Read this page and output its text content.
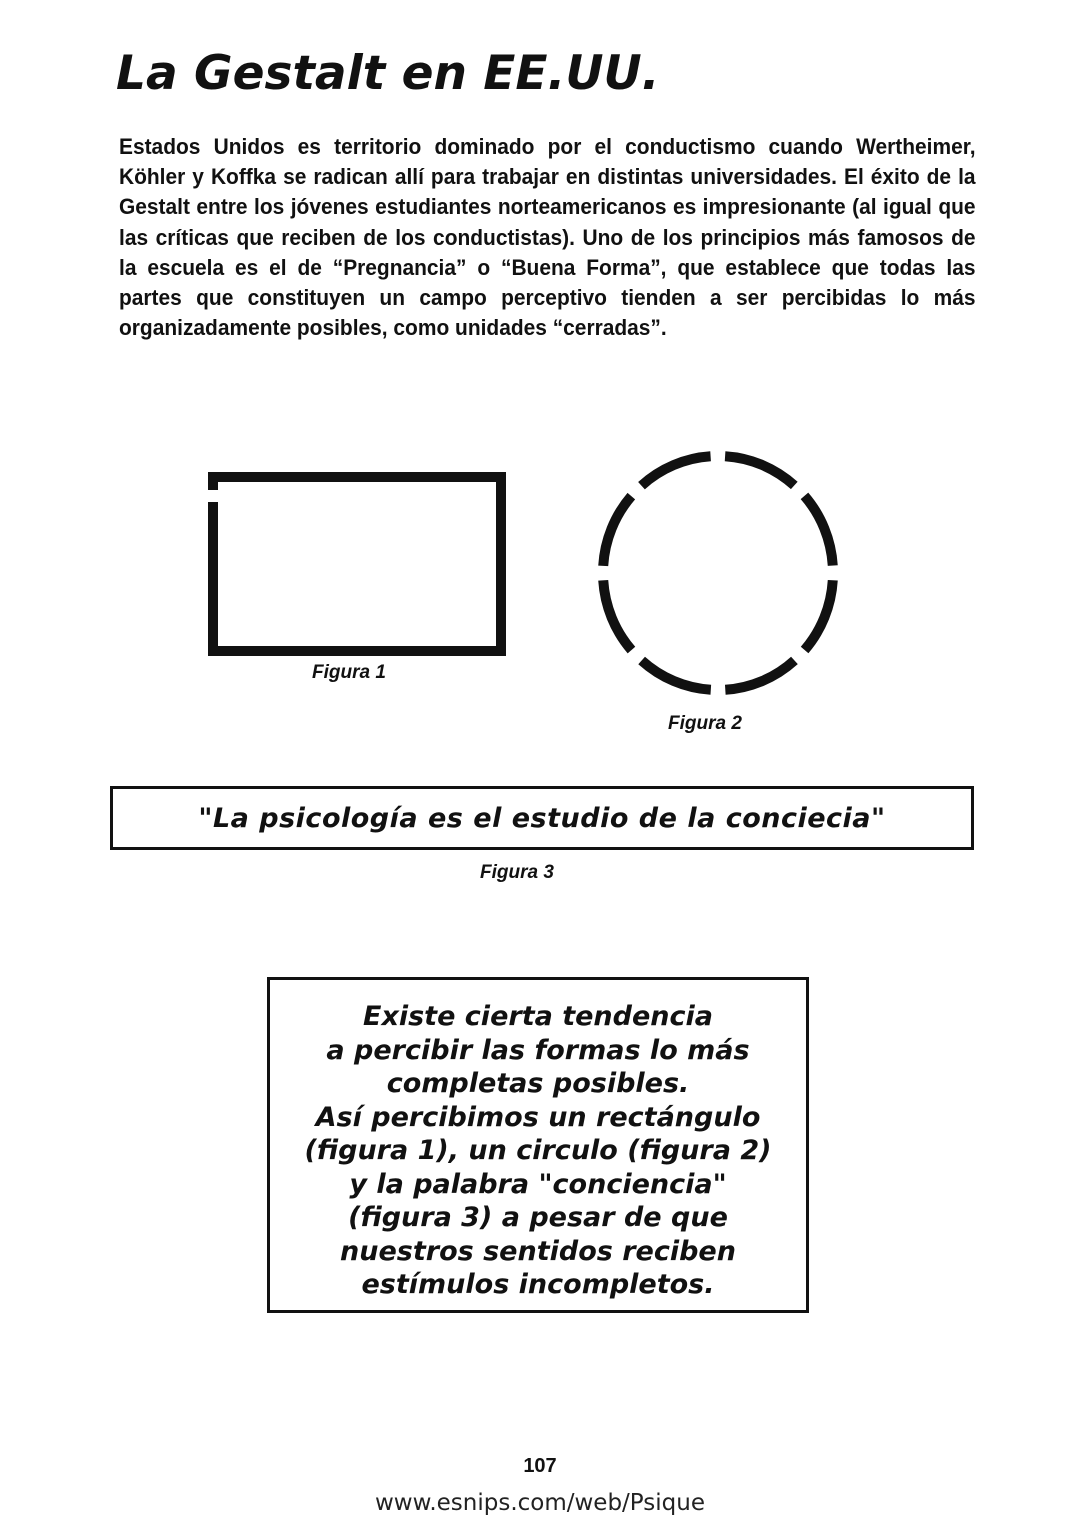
La Gestalt en EE.UU.
Estados Unidos es territorio dominado por el conductismo cuando Wertheimer, Köhler y Koffka se radican allí para trabajar en distintas universidades. El éxito de la Gestalt entre los jóvenes estudiantes norteamericanos es impresionante (al igual que las críticas que reciben de los conductistas). Uno de los principios más famosos de la escuela es el de “Pregnancia” o “Buena Forma”, que establece que todas las partes que constituyen un campo perceptivo tienden a ser percibidas lo más organizadamente posibles, como unidades “cerradas”.
Figura 1
Figura 2
"La psicología es el estudio de la conciecia"
Figura 3
Existe cierta tendencia
a percibir las formas lo más
completas posibles.
Así percibimos un rectángulo
(figura 1), un circulo (figura 2)
y la palabra "conciencia"
(figura 3) a pesar de que
nuestros sentidos reciben
estímulos incompletos.
107
www.esnips.com/web/Psique
